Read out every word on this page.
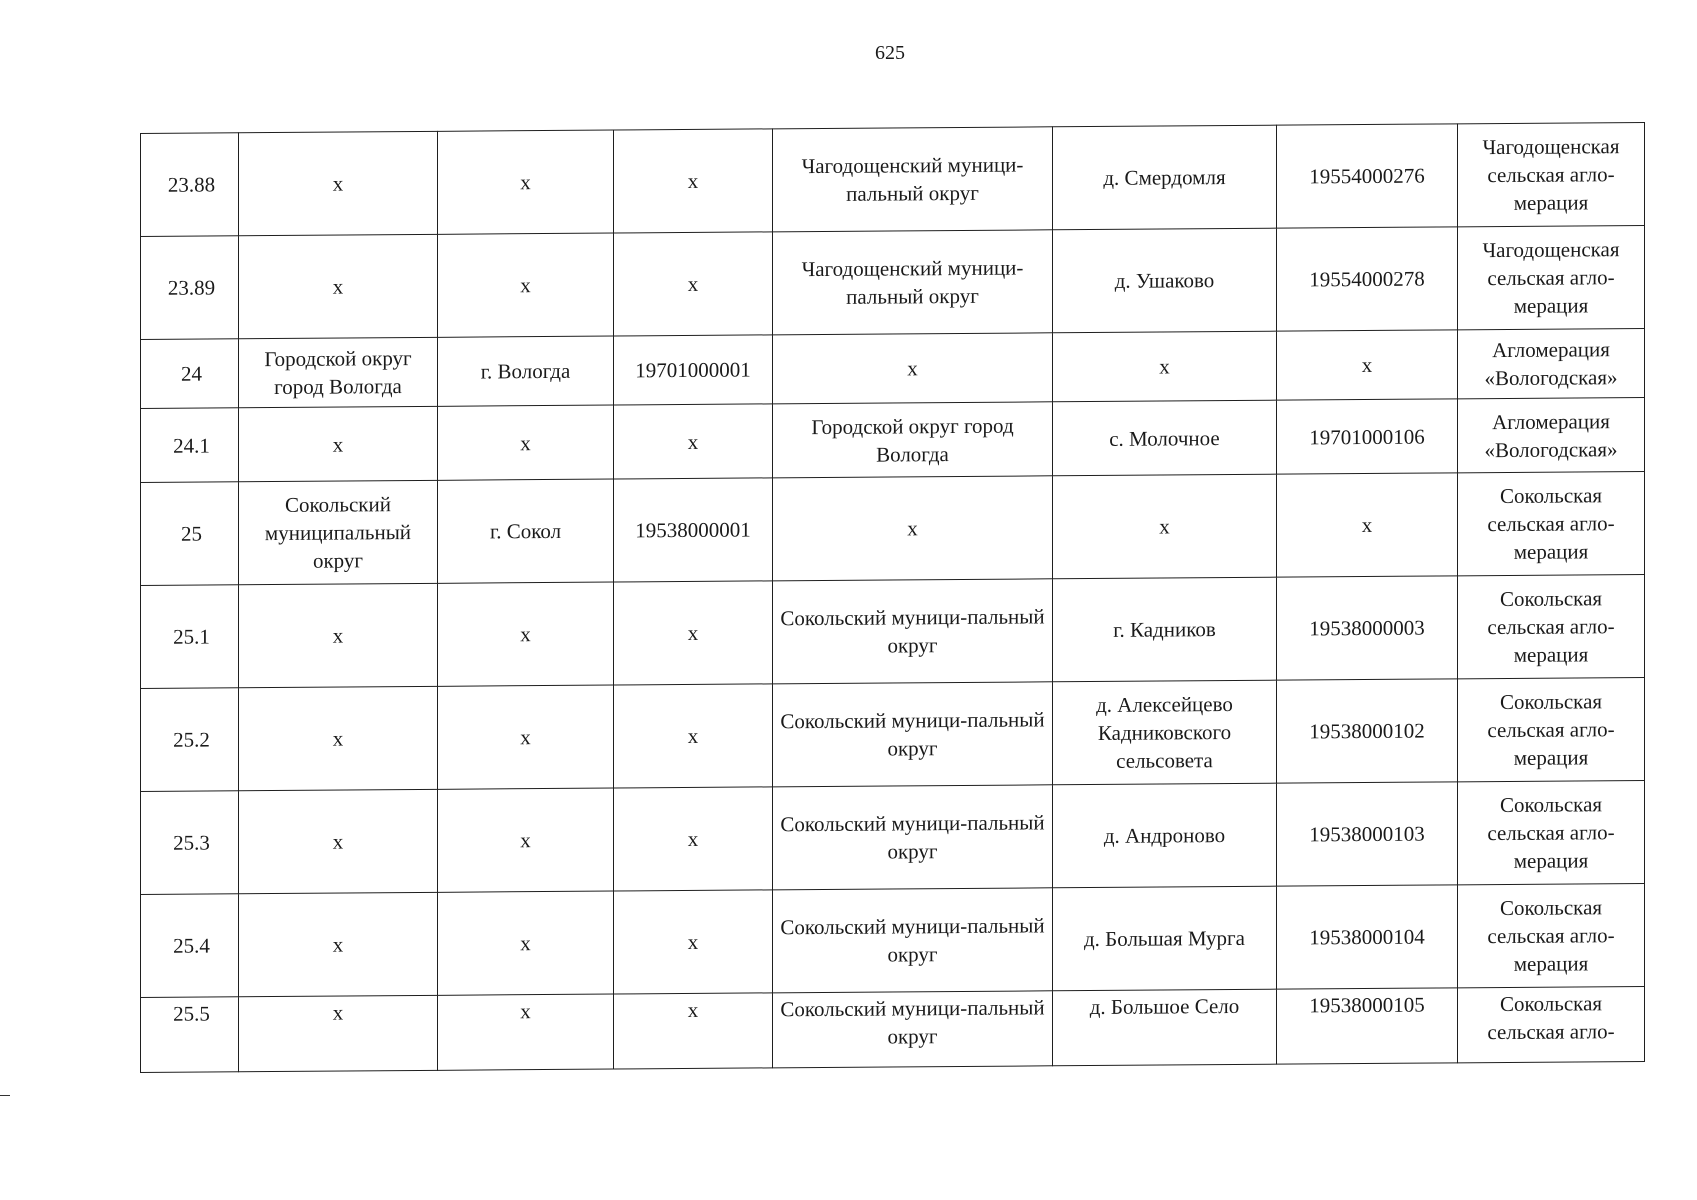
625
23.88	х	х	х	Чагодощенский муници-пальный округ	д. Смердомля	19554000276	Чагодощенская сельская агло-мерация
23.89	х	х	х	Чагодощенский муници-пальный округ	д. Ушаково	19554000278	Чагодощенская сельская агло-мерация
24	Городской округ город Вологда	г. Вологда	19701000001	х	х	х	Агломерация «Вологодская»
24.1	х	х	х	Городской округ город Вологда	с. Молочное	19701000106	Агломерация «Вологодская»
25	Сокольский муниципальный округ	г. Сокол	19538000001	х	х	х	Сокольская сельская агло-мерация
25.1	х	х	х	Сокольский муници-пальный округ	г. Кадников	19538000003	Сокольская сельская агло-мерация
25.2	х	х	х	Сокольский муници-пальный округ	д. Алексейцево Кадниковского сельсовета	19538000102	Сокольская сельская агло-мерация
25.3	х	х	х	Сокольский муници-пальный округ	д. Андроново	19538000103	Сокольская сельская агло-мерация
25.4	х	х	х	Сокольский муници-пальный округ	д. Большая Мурга	19538000104	Сокольская сельская агло-мерация
25.5	х	х	х	Сокольский муници-пальный округ	д. Большое Село	19538000105	Сокольская сельская агло-
